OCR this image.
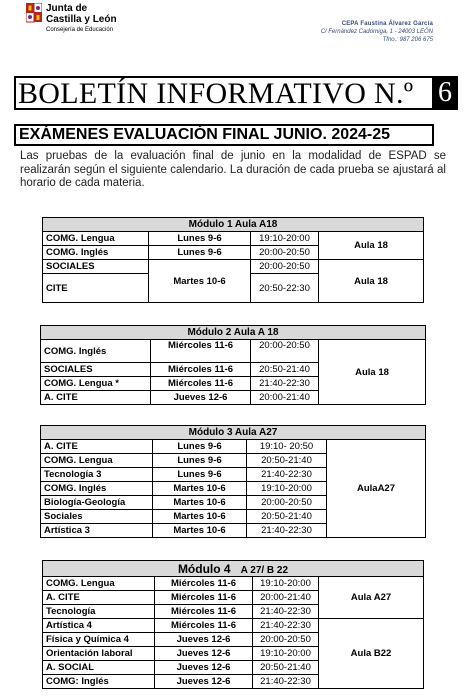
Junta de
Castilla y León
Consejería de Educación
CEPA Faustina Álvarez García
C/ Fernández Cadórniga, 1 - 24003 LEÓN
Tfno.: 987 206 675
BOLETÍN INFORMATIVO N.º 6
EXÁMENES EVALUACIÓN FINAL JUNIO. 2024-25
Las pruebas de la evaluación final de junio en la modalidad de ESPAD se realizarán según el siguiente calendario. La duración de cada prueba se ajustará al horario de cada materia.
Módulo 1 Aula A18			
COMG. Lengua	Lunes 9-6	19:10-20:00	Aula 18
COMG. Inglés	Lunes 9-6	20:00-20:50	
SOCIALES	Martes 10-6	20:00-20:50	Aula 18
CITE		20:50-22:30	
Módulo 2 Aula A 18			
COMG. Inglés	Miércoles 11-6	20:00-20:50	Aula 18
SOCIALES	Miércoles 11-6	20:50-21:40	
COMG. Lengua *	Miércoles 11-6	21:40-22:30	
A. CITE	Jueves 12-6	20:00-21:40	
Módulo 3 Aula A27			
A. CITE	Lunes 9-6	19:10- 20:50	AulaA27
COMG. Lengua	Lunes 9-6	20:50-21:40	
Tecnología 3	Lunes 9-6	21:40-22:30	
COMG. Inglés	Martes 10-6	19:10-20:00	
Biología-Geología	Martes 10-6	20:00-20:50	
Sociales	Martes 10-6	20:50-21:40	
Artística 3	Martes 10-6	21:40-22:30	
Módulo 4 A 27/ B 22			
COMG. Lengua	Miércoles 11-6	19:10-20:00	Aula A27
A. CITE	Miércoles 11-6	20:00-21:40	
Tecnología	Miércoles 11-6	21:40-22:30	
Artística 4	Miércoles 11-6	21:40-22:30	Aula B22
Física y Química 4	Jueves 12-6	20:00-20:50	
Orientación laboral	Jueves 12-6	19:10-20:00	
A. SOCIAL	Jueves 12-6	20:50-21:40	
COMG: Inglés	Jueves 12-6	21:40-22:30	
